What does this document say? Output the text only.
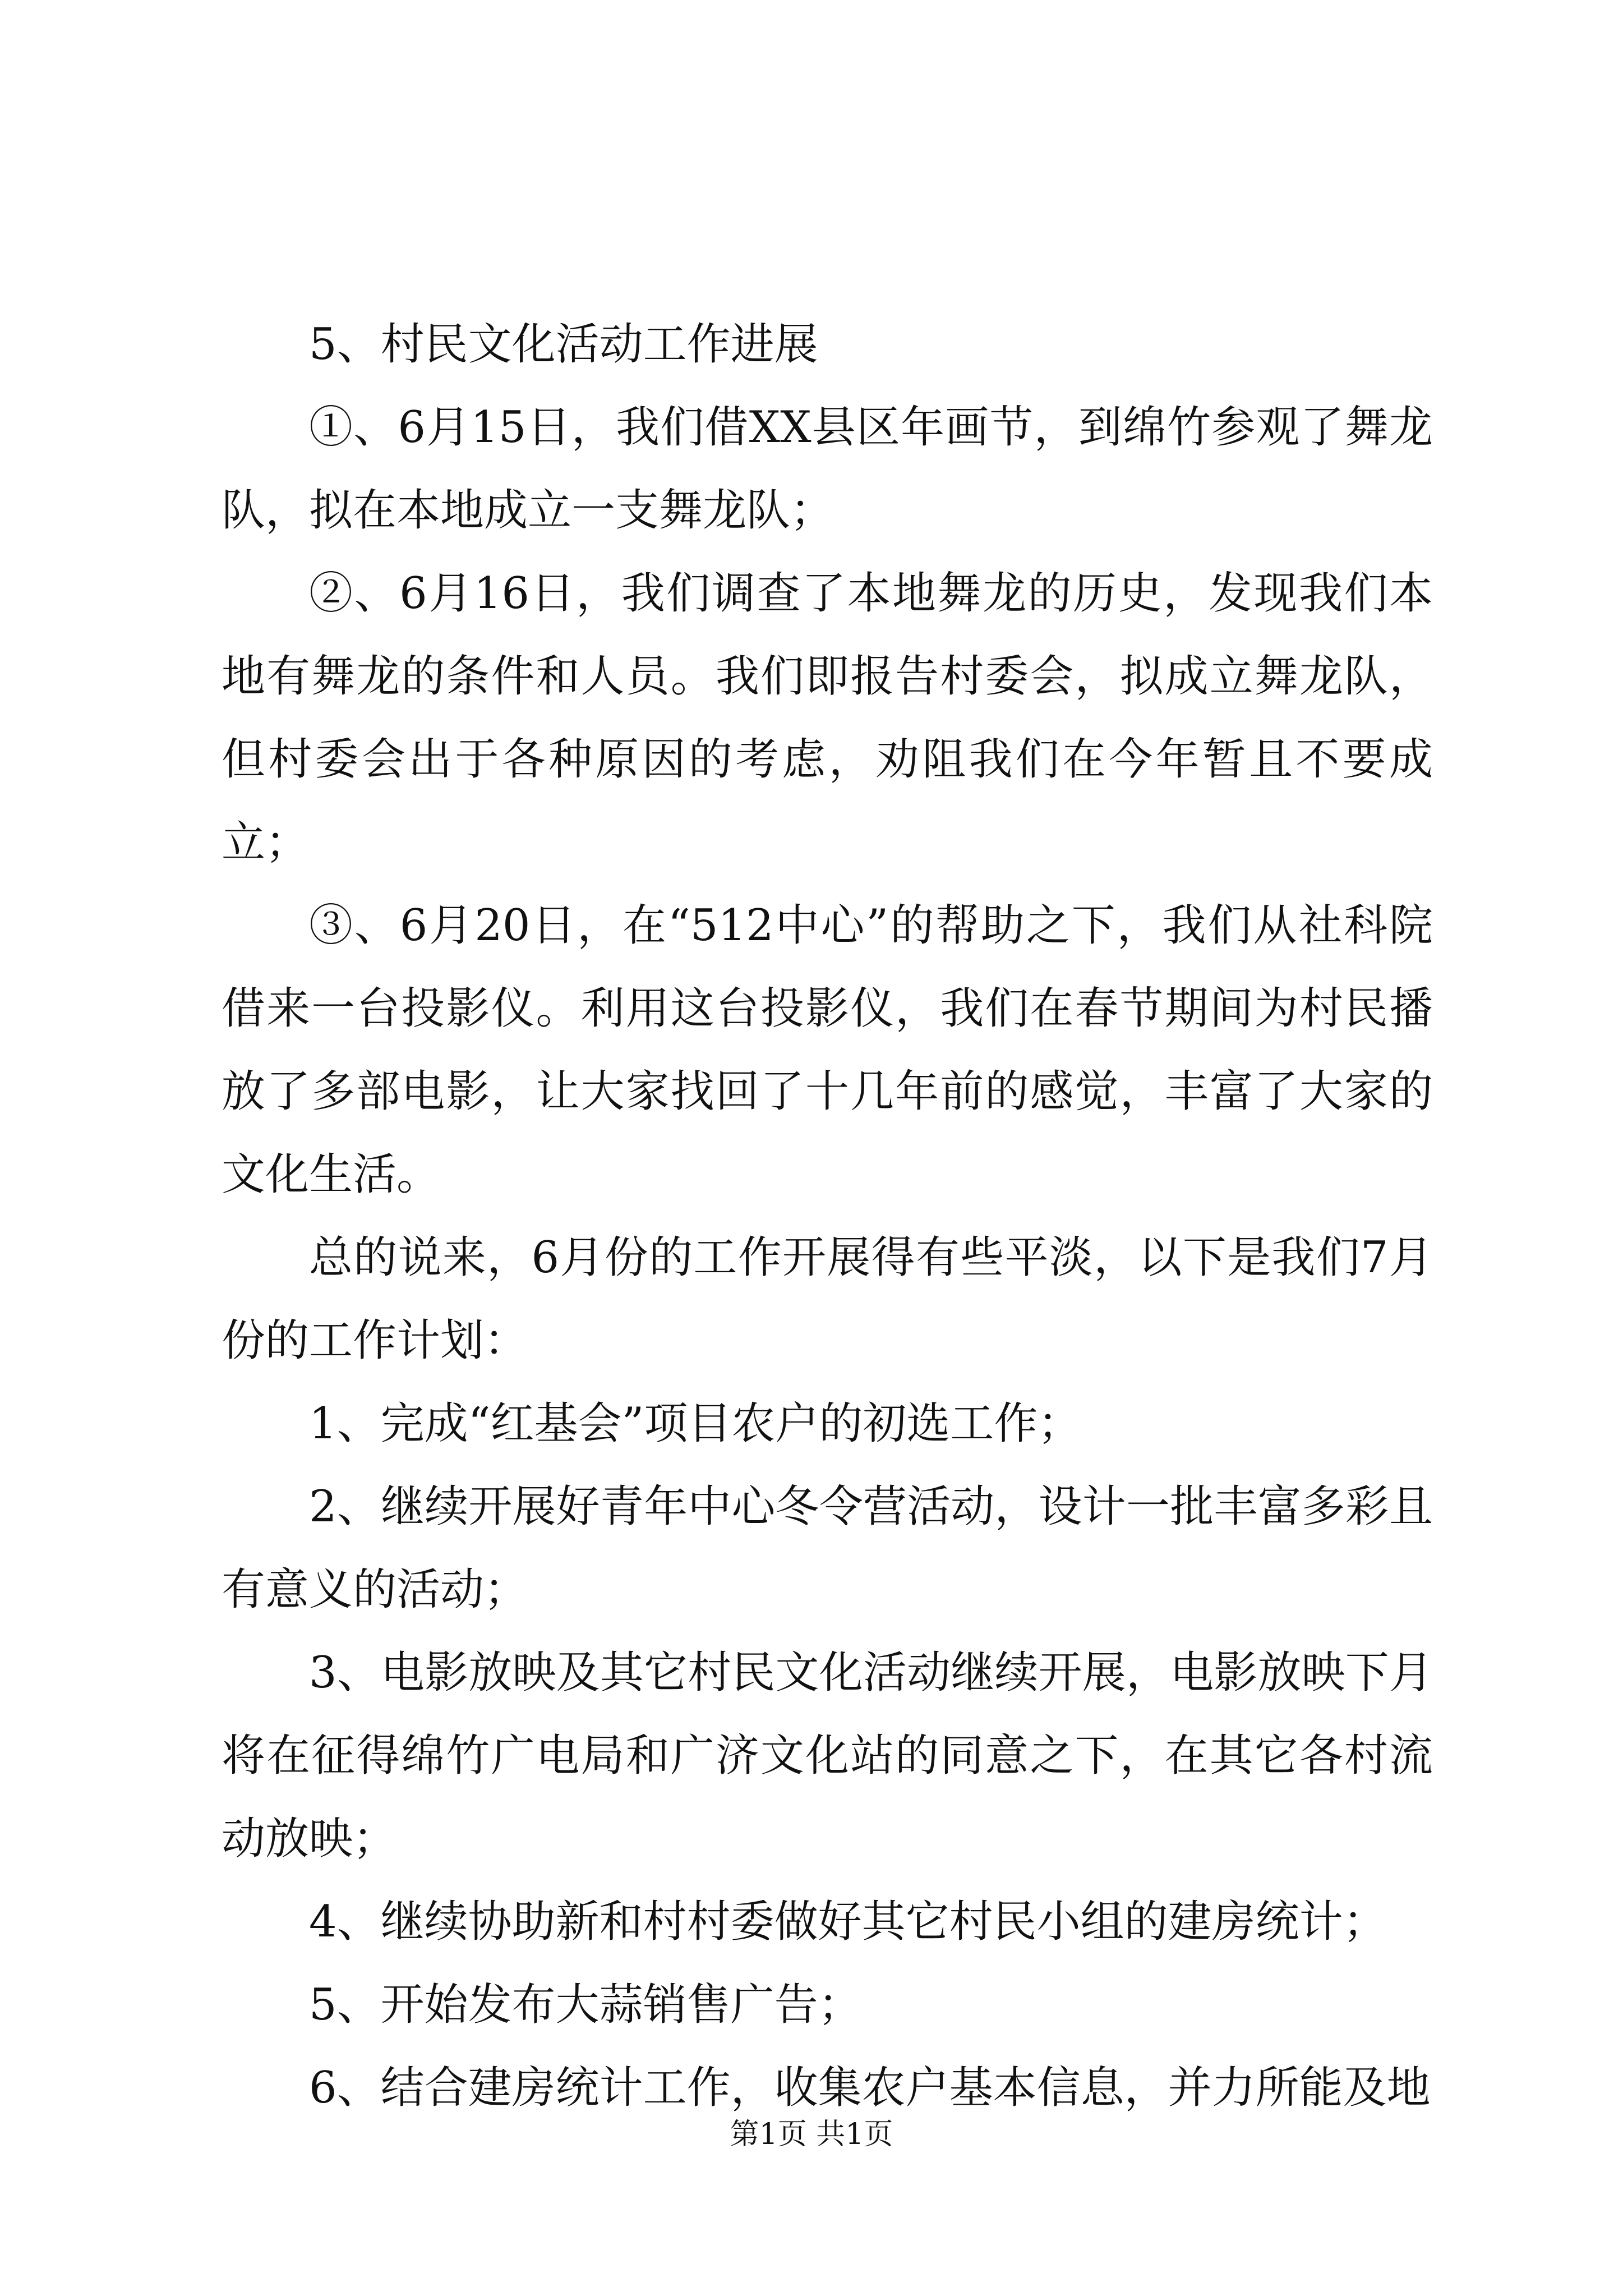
5、村民文化活动工作进展

①、6月15日，我们借XX县区年画节，到绵竹参观了舞龙队，拟在本地成立一支舞龙队；

②、6月16日，我们调查了本地舞龙的历史，发现我们本地有舞龙的条件和人员。我们即报告村委会，拟成立舞龙队，但村委会出于各种原因的考虑，劝阻我们在今年暂且不要成立；

③、6月20日，在“512中心”的帮助之下，我们从社科院借来一台投影仪。利用这台投影仪，我们在春节期间为村民播放了多部电影，让大家找回了十几年前的感觉，丰富了大家的文化生活。

总的说来，6月份的工作开展得有些平淡，以下是我们7月份的工作计划：

1、完成“红基会”项目农户的初选工作；

2、继续开展好青年中心冬令营活动，设计一批丰富多彩且有意义的活动；

3、电影放映及其它村民文化活动继续开展，电影放映下月将在征得绵竹广电局和广济文化站的同意之下，在其它各村流动放映；

4、继续协助新和村村委做好其它村民小组的建房统计；

5、开始发布大蒜销售广告；

6、结合建房统计工作，收集农户基本信息，并力所能及地

第1页 共1页
